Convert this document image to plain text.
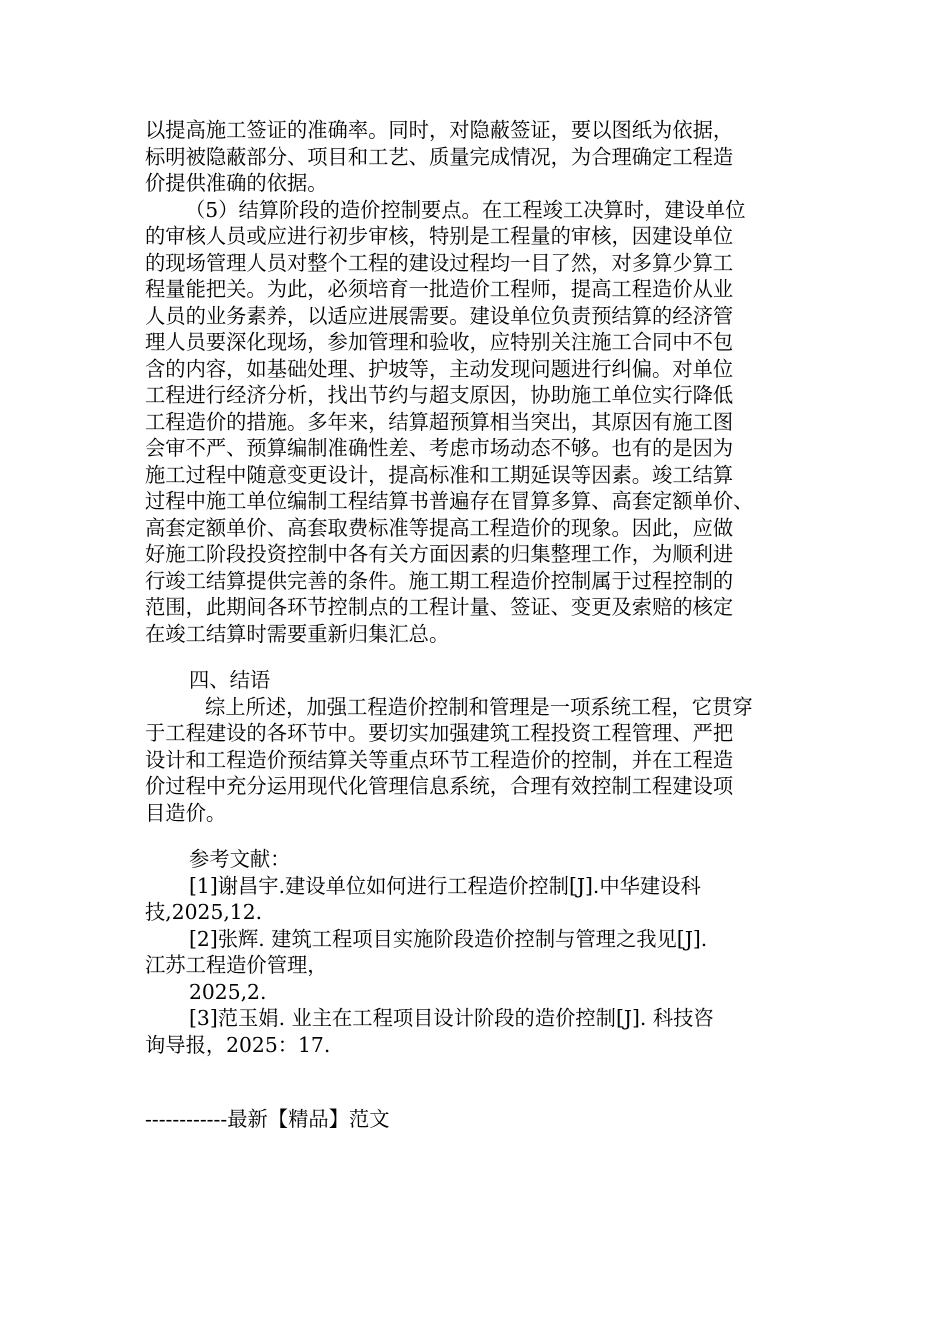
以提高施工签证的准确率。同时，对隐蔽签证，要以图纸为依据，
标明被隐蔽部分、项目和工艺、质量完成情况，为合理确定工程造
价提供准确的依据。
（5）结算阶段的造价控制要点。在工程竣工决算时，建设单位
的审核人员或应进行初步审核，特别是工程量的审核，因建设单位
的现场管理人员对整个工程的建设过程均一目了然，对多算少算工
程量能把关。为此，必须培育一批造价工程师，提高工程造价从业
人员的业务素养，以适应进展需要。建设单位负责预结算的经济管
理人员要深化现场，参加管理和验收，应特别关注施工合同中不包
含的内容，如基础处理、护坡等，主动发现问题进行纠偏。对单位
工程进行经济分析，找出节约与超支原因，协助施工单位实行降低
工程造价的措施。多年来，结算超预算相当突出，其原因有施工图
会审不严、预算编制准确性差、考虑市场动态不够。也有的是因为
施工过程中随意变更设计，提高标准和工期延误等因素。竣工结算
过程中施工单位编制工程结算书普遍存在冒算多算、高套定额单价、
高套定额单价、高套取费标准等提高工程造价的现象。因此，应做
好施工阶段投资控制中各有关方面因素的归集整理工作，为顺利进
行竣工结算提供完善的条件。施工期工程造价控制属于过程控制的
范围，此期间各环节控制点的工程计量、签证、变更及索赔的核定
在竣工结算时需要重新归集汇总。
四、结语
综上所述，加强工程造价控制和管理是一项系统工程，它贯穿
于工程建设的各环节中。要切实加强建筑工程投资工程管理、严把
设计和工程造价预结算关等重点环节工程造价的控制，并在工程造
价过程中充分运用现代化管理信息系统，合理有效控制工程建设项
目造价。
参考文献：
[1]谢昌宇.建设单位如何进行工程造价控制[J].中华建设科
技,2025,12.
[2]张辉. 建筑工程项目实施阶段造价控制与管理之我见[J].
江苏工程造价管理，
2025,2.
[3]范玉娟. 业主在工程项目设计阶段的造价控制[J]. 科技咨
询导报，2025：17.
------------最新【精品】范文
